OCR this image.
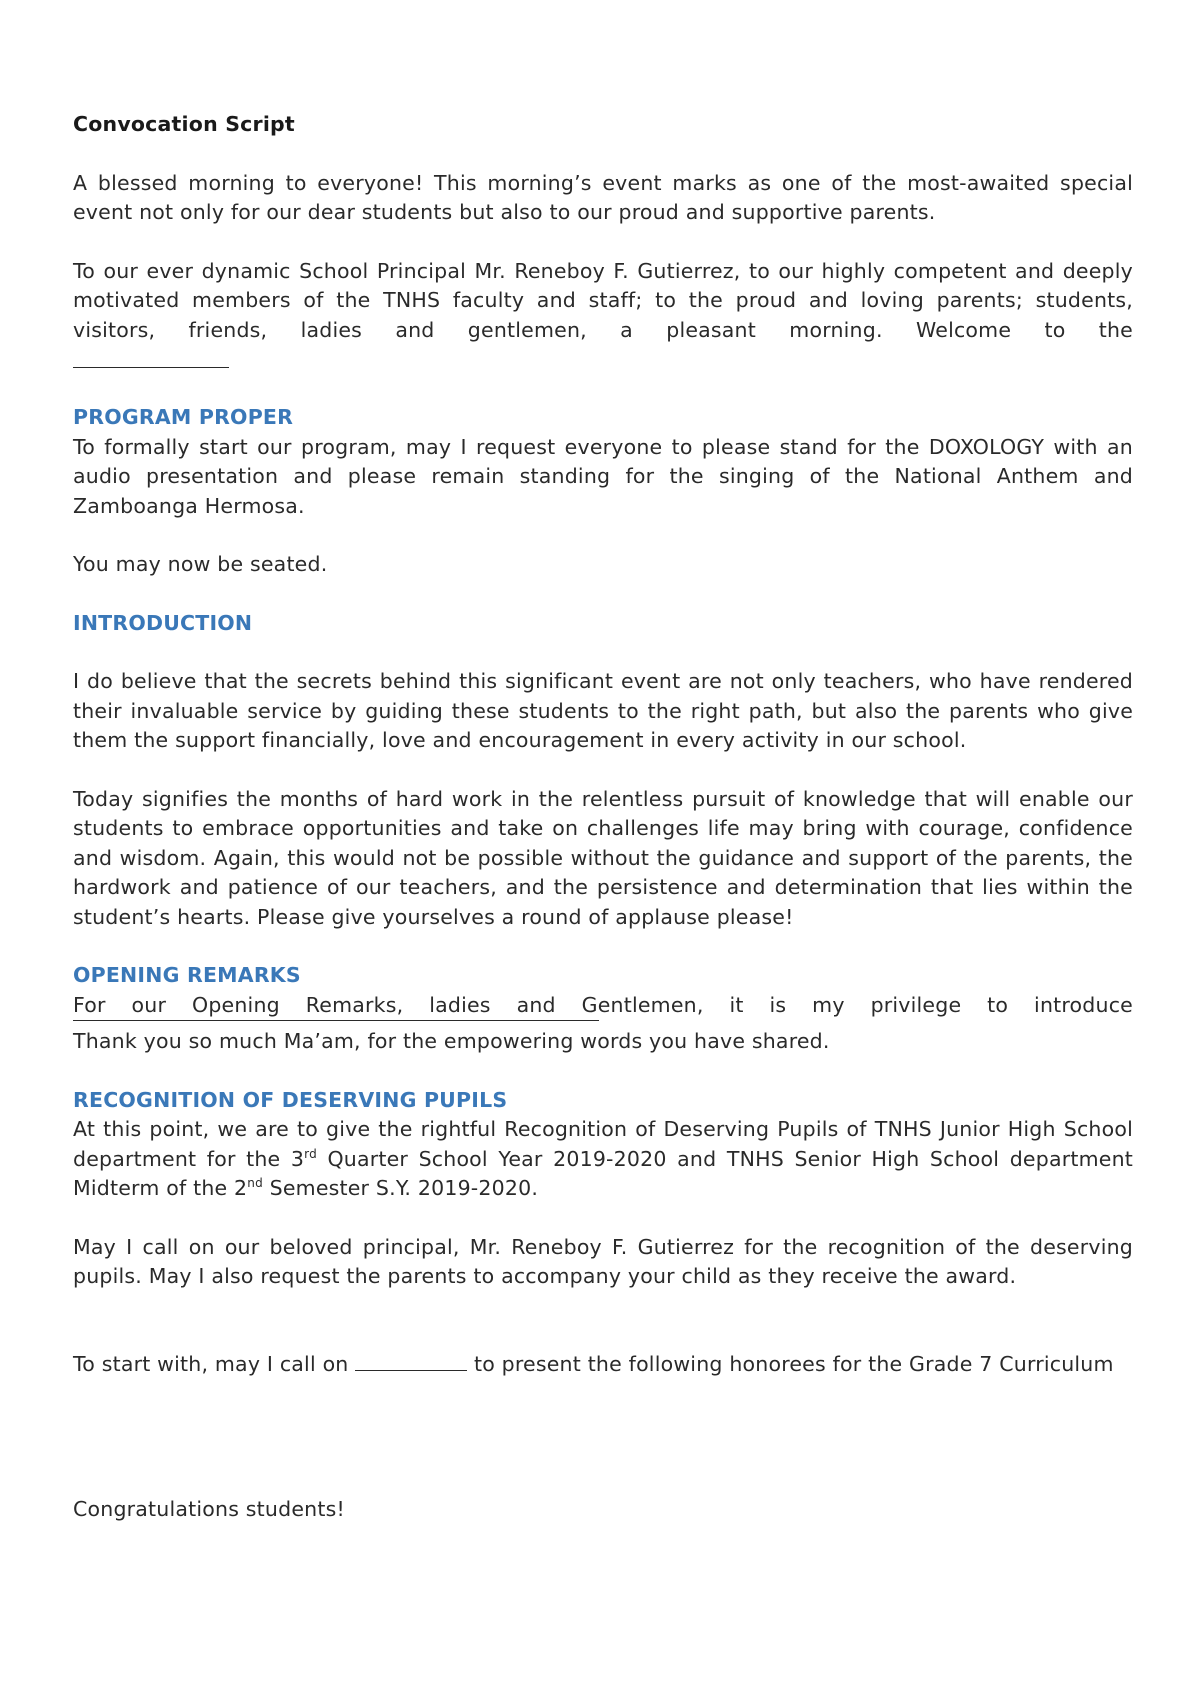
Convocation Script

A blessed morning to everyone! This morning’s event marks as one of the most-awaited special event not only for our dear students but also to our proud and supportive parents.

To our ever dynamic School Principal Mr. Reneboy F. Gutierrez, to our highly competent and deeply motivated members of the TNHS faculty and staff; to the proud and loving parents; students, visitors, friends, ladies and gentlemen, a pleasant morning. Welcome to the

PROGRAM PROPER

To formally start our program, may I request everyone to please stand for the DOXOLOGY with an audio presentation and please remain standing for the singing of the National Anthem and Zamboanga Hermosa.

You may now be seated.

INTRODUCTION

I do believe that the secrets behind this significant event are not only teachers, who have rendered their invaluable service by guiding these students to the right path, but also the parents who give them the support financially, love and encouragement in every activity in our school.

Today signifies the months of hard work in the relentless pursuit of knowledge that will enable our students to embrace opportunities and take on challenges life may bring with courage, confidence and wisdom. Again, this would not be possible without the guidance and support of the parents, the hardwork and patience of our teachers, and the persistence and determination that lies within the student’s hearts. Please give yourselves a round of applause please!

OPENING REMARKS

For our Opening Remarks, ladies and Gentlemen, it is my privilege to introduce

Thank you so much Ma’am, for the empowering words you have shared.

RECOGNITION OF DESERVING PUPILS

At this point, we are to give the rightful Recognition of Deserving Pupils of TNHS Junior High School department for the 3rd Quarter School Year 2019-2020 and TNHS Senior High School department Midterm of the 2nd Semester S.Y. 2019-2020.

May I call on our beloved principal, Mr. Reneboy F. Gutierrez for the recognition of the deserving pupils. May I also request the parents to accompany your child as they receive the award.

To start with, may I call on	to present the following honorees for the Grade 7 Curriculum

Congratulations students!
